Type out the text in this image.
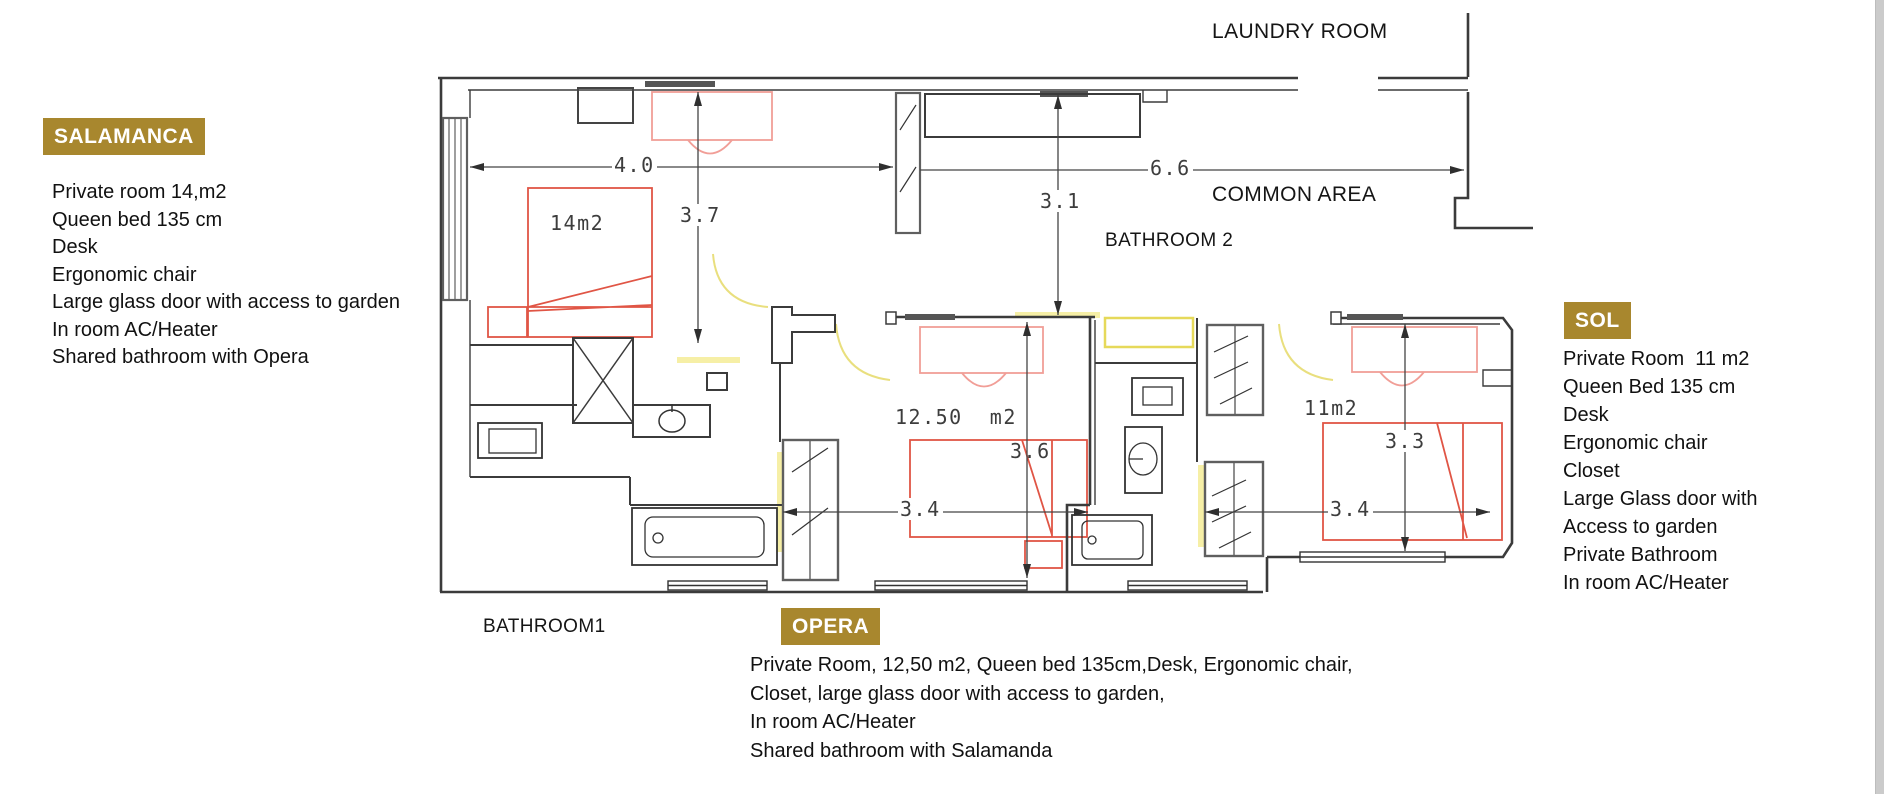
4.0
3.7
6.6
3.1
3.6
3.4
3.3
3.4
14m2
12.50  m2	11m2
LAUNDRY ROOM
COMMON AREA
BATHROOM 2
BATHROOM1
SALAMANCA
Private room 14,m2
Queen bed 135 cm
Desk
Ergonomic chair
Large glass door with access to garden
In room AC/Heater
Shared bathroom with Opera
OPERA
Private Room, 12,50 m2, Queen bed 135cm,Desk, Ergonomic chair,
Closet, large glass door with access to garden,
In room AC/Heater
Shared bathroom with Salamanda
SOL
Private Room  11 m2
Queen Bed 135 cm
Desk
Ergonomic chair
Closet
Large Glass door with
Access to garden
Private Bathroom
In room AC/Heater
